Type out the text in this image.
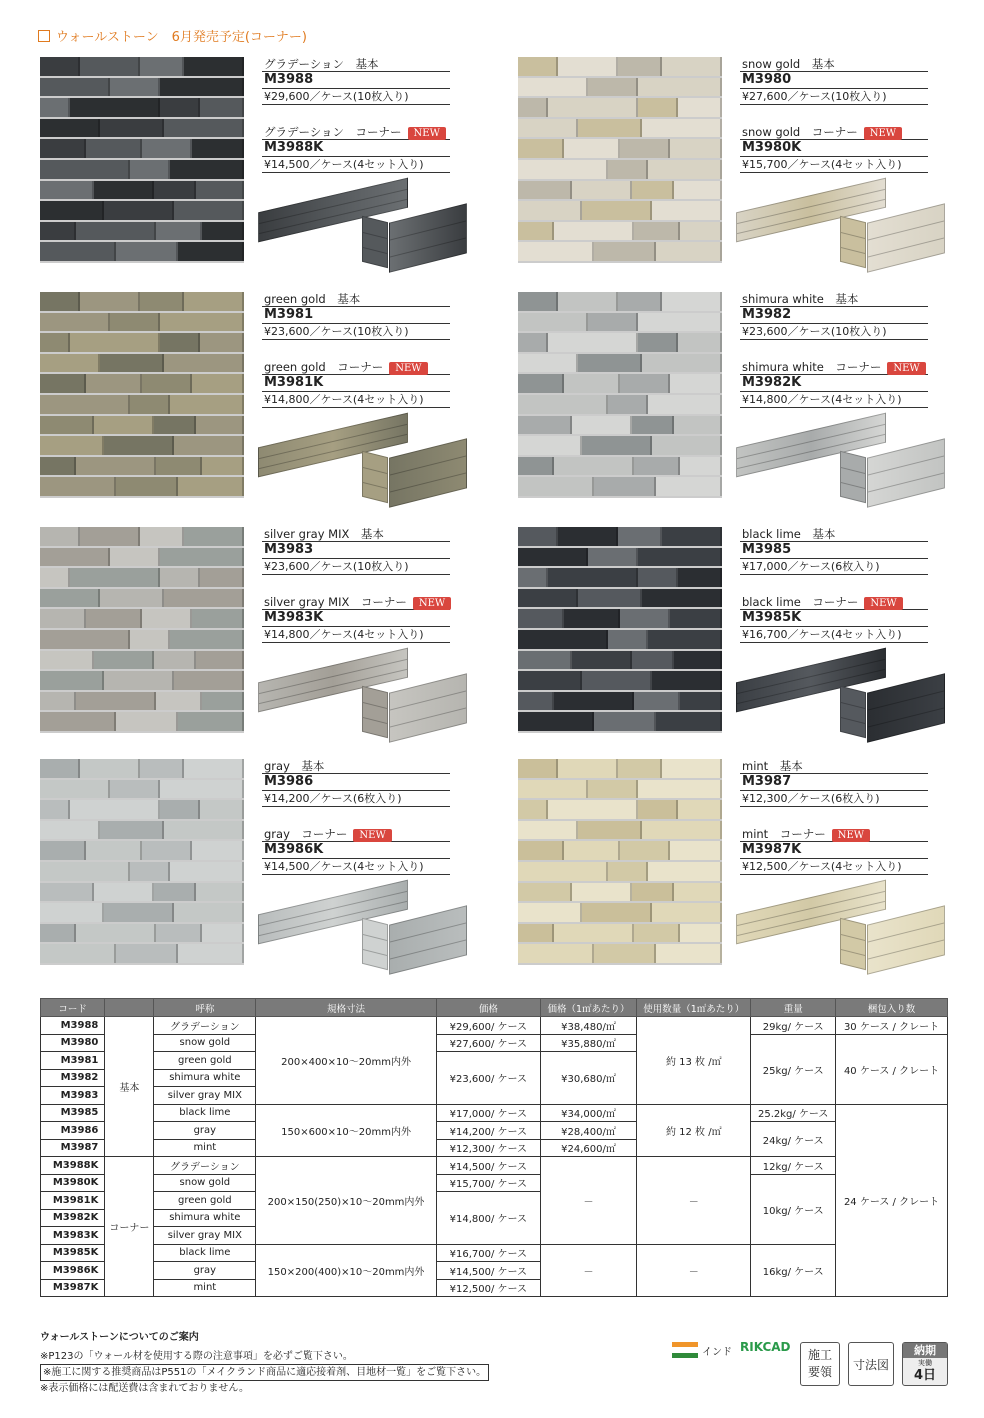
ウォールストーン　6月発売予定(コーナー)
グラデーション　基本
M3988
¥29,600／ケース(10枚入り)
グラデーション　コーナー NEW
M3988K
¥14,500／ケース(4セット入り)
snow gold　基本
M3980
¥27,600／ケース(10枚入り)
snow gold　コーナー NEW
M3980K
¥15,700／ケース(4セット入り)
green gold　基本
M3981
¥23,600／ケース(10枚入り)
green gold　コーナー NEW
M3981K
¥14,800／ケース(4セット入り)
shimura white　基本
M3982
¥23,600／ケース(10枚入り)
shimura white　コーナー NEW
M3982K
¥14,800／ケース(4セット入り)
silver gray MIX　基本
M3983
¥23,600／ケース(10枚入り)
silver gray MIX　コーナー NEW
M3983K
¥14,800／ケース(4セット入り)
black lime　基本
M3985
¥17,000／ケース(6枚入り)
black lime　コーナー NEW
M3985K
¥16,700／ケース(4セット入り)
gray　基本
M3986
¥14,200／ケース(6枚入り)
gray　コーナー NEW
M3986K
¥14,500／ケース(4セット入り)
mint　基本
M3987
¥12,300／ケース(6枚入り)
mint　コーナー NEW
M3987K
¥12,500／ケース(4セット入り)
コード		呼称	規格寸法	価格	価格（1㎡あたり）	使用数量（1㎡あたり）	重量	梱包入り数
M3988	基本	グラデーション	200×400×10～20mm内外	¥29,600/ ケース	¥38,480/㎡	約 13 枚 /㎡	29kg/ ケース	30 ケース / クレート
M3980		snow gold		¥27,600/ ケース	¥35,880/㎡		25kg/ ケース	40 ケース / クレート
M3981		green gold		¥23,600/ ケース	¥30,680/㎡			
M3982		shimura white						
M3983		silver gray MIX						
M3985		black lime	150×600×10～20mm内外	¥17,000/ ケース	¥34,000/㎡	約 12 枚 /㎡	25.2kg/ ケース	24 ケース / クレート
M3986		gray		¥14,200/ ケース	¥28,400/㎡		24kg/ ケース	
M3987		mint		¥12,300/ ケース	¥24,600/㎡			
M3988K	コーナー	グラデーション	200×150(250)×10～20mm内外	¥14,500/ ケース	－	－	12kg/ ケース	
M3980K		snow gold		¥15,700/ ケース			10kg/ ケース	
M3981K		green gold		¥14,800/ ケース				
M3982K		shimura white						
M3983K		silver gray MIX						
M3985K		black lime	150×200(400)×10～20mm内外	¥16,700/ ケース	－	－	16kg/ ケース	
M3986K		gray		¥14,500/ ケース				
M3987K		mint		¥12,500/ ケース				
ウォールストーンについてのご案内
※P123の「ウォール材を使用する際の注意事項」を必ずご覧下さい。
※施工に関する推奨商品はP551の「メイクランド商品に適応接着剤、目地材一覧」をご覧下さい。
※表示価格には配送費は含まれておりません。
インド RIKCAD
施工
要領
寸法図
納期
実働
4日
